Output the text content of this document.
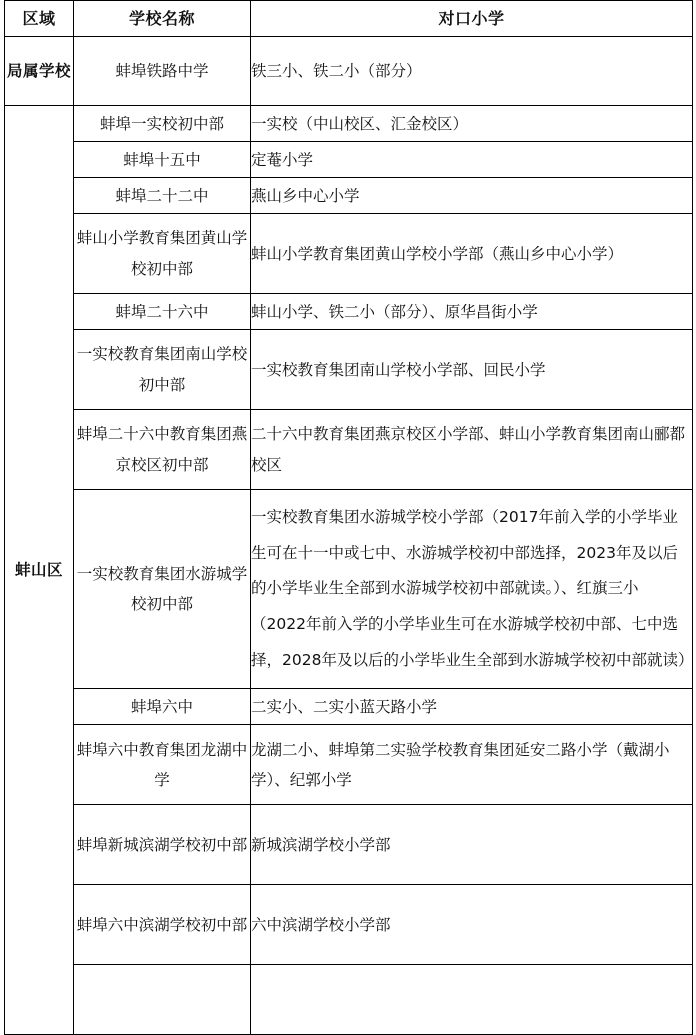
区域	学校名称	对口小学
局属学校	蚌埠铁路中学	铁三小、铁二小（部分）
蚌山区	蚌埠一实校初中部	一实校（中山校区、汇金校区）
	蚌埠十五中	定菴小学
	蚌埠二十二中	燕山乡中心小学
	蚌山小学教育集团黄山学校初中部	蚌山小学教育集团黄山学校小学部（燕山乡中心小学）
	蚌埠二十六中	蚌山小学、铁二小（部分）、原华昌街小学
	一实校教育集团南山学校初中部	一实校教育集团南山学校小学部、回民小学
	蚌埠二十六中教育集团燕京校区初中部	二十六中教育集团燕京校区小学部、蚌山小学教育集团南山郦都校区
	一实校教育集团水游城学校初中部	一实校教育集团水游城学校小学部（2017年前入学的小学毕业生可在十一中或七中、水游城学校初中部选择，2023年及以后的小学毕业生全部到水游城学校初中部就读。）、红旗三小（2022年前入学的小学毕业生可在水游城学校初中部、七中选择，2028年及以后的小学毕业生全部到水游城学校初中部就读）
	蚌埠六中	二实小、二实小蓝天路小学
	蚌埠六中教育集团龙湖中学	龙湖二小、蚌埠第二实验学校教育集团延安二路小学（戴湖小学）、纪郭小学
	蚌埠新城滨湖学校初中部	新城滨湖学校小学部
	蚌埠六中滨湖学校初中部	六中滨湖学校小学部
